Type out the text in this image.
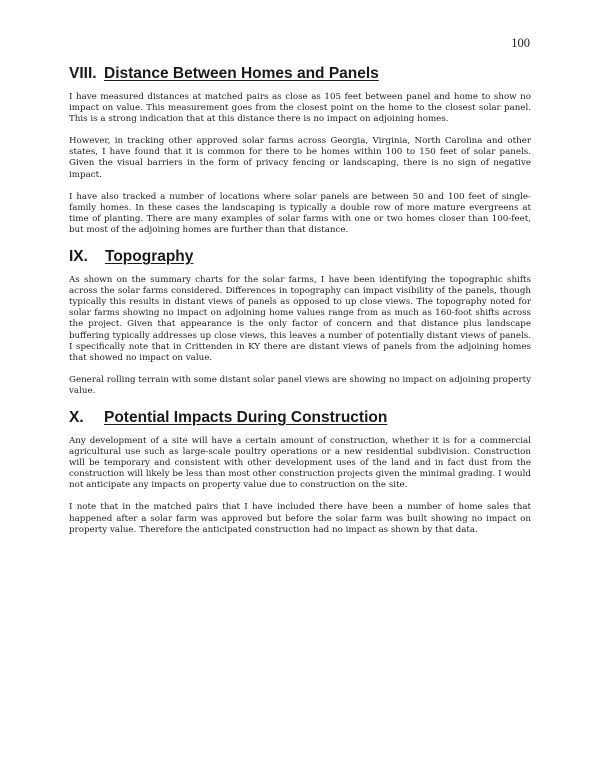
100
VIII. Distance Between Homes and Panels

I have measured distances at matched pairs as close as 105 feet between panel and home to show no impact on value. This measurement goes from the closest point on the home to the closest solar panel. This is a strong indication that at this distance there is no impact on adjoining homes.

However, in tracking other approved solar farms across Georgia, Virginia, North Carolina and other states, I have found that it is common for there to be homes within 100 to 150 feet of solar panels. Given the visual barriers in the form of privacy fencing or landscaping, there is no sign of negative impact.

I have also tracked a number of locations where solar panels are between 50 and 100 feet of single-family homes. In these cases the landscaping is typically a double row of more mature evergreens at time of planting. There are many examples of solar farms with one or two homes closer than 100-feet, but most of the adjoining homes are further than that distance.

IX. Topography

As shown on the summary charts for the solar farms, I have been identifying the topographic shifts across the solar farms considered. Differences in topography can impact visibility of the panels, though typically this results in distant views of panels as opposed to up close views. The topography noted for solar farms showing no impact on adjoining home values range from as much as 160-foot shifts across the project. Given that appearance is the only factor of concern and that distance plus landscape buffering typically addresses up close views, this leaves a number of potentially distant views of panels. I specifically note that in Crittenden in KY there are distant views of panels from the adjoining homes that showed no impact on value.

General rolling terrain with some distant solar panel views are showing no impact on adjoining property value.

X. Potential Impacts During Construction

Any development of a site will have a certain amount of construction, whether it is for a commercial agricultural use such as large-scale poultry operations or a new residential subdivision. Construction will be temporary and consistent with other development uses of the land and in fact dust from the construction will likely be less than most other construction projects given the minimal grading. I would not anticipate any impacts on property value due to construction on the site.

I note that in the matched pairs that I have included there have been a number of home sales that happened after a solar farm was approved but before the solar farm was built showing no impact on property value. Therefore the anticipated construction had no impact as shown by that data.
